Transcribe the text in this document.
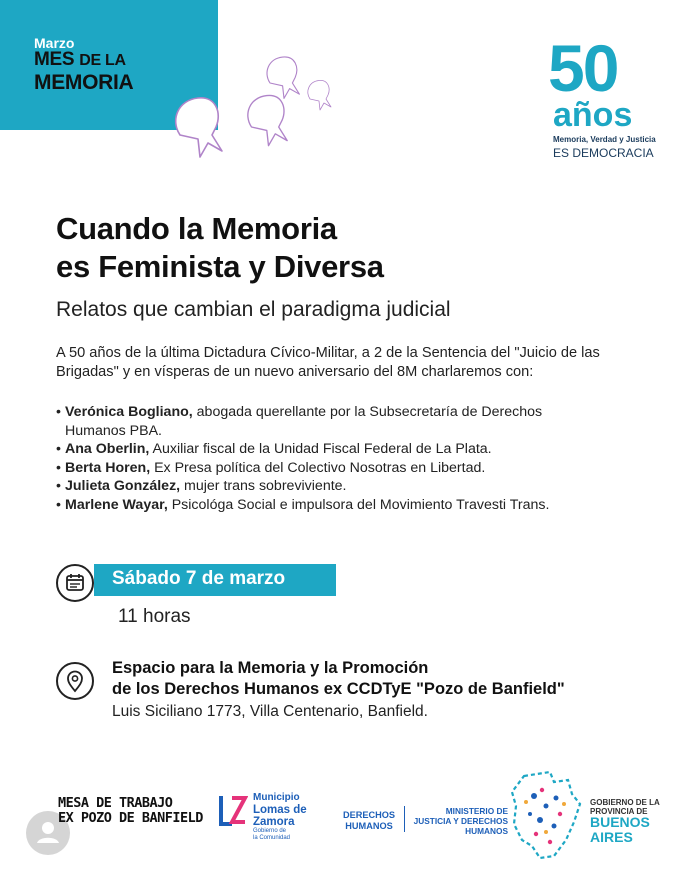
Marzo
MES DE LA
MEMORIA	50
años
Memoria, Verdad y Justicia
ES DEMOCRACIA
Cuando la Memoria
es Feminista y Diversa
Relatos que cambian el paradigma judicial
A 50 años de la última Dictadura Cívico-Militar, a 2 de la Sentencia del "Juicio de las
Brigadas" y en vísperas de un nuevo aniversario del 8M charlaremos con:
• Verónica Bogliano, abogada querellante por la Subsecretaría de Derechos
Humanos PBA.
• Ana Oberlin, Auxiliar fiscal de la Unidad Fiscal Federal de La Plata.
• Berta Horen, Ex Presa política del Colectivo Nosotras en Libertad.
• Julieta González, mujer trans sobreviviente.
• Marlene Wayar, Psicológa Social e impulsora del Movimiento Travesti Trans.
Sábado 7 de marzo
11 horas
Espacio para la Memoria y la Promoción
de los Derechos Humanos ex CCDTyE "Pozo de Banfield"
Luis Siciliano 1773, Villa Centenario, Banfield.
MESA DE TRABAJO
EX POZO DE BANFIELD
Municipio
Lomas de
Zamora
Gobierno de
la Comunidad
DERECHOS
HUMANOS
MINISTERIO DE
JUSTICIA Y DERECHOS
HUMANOS
GOBIERNO DE LA
PROVINCIA DE
BUENOS
AIRES
